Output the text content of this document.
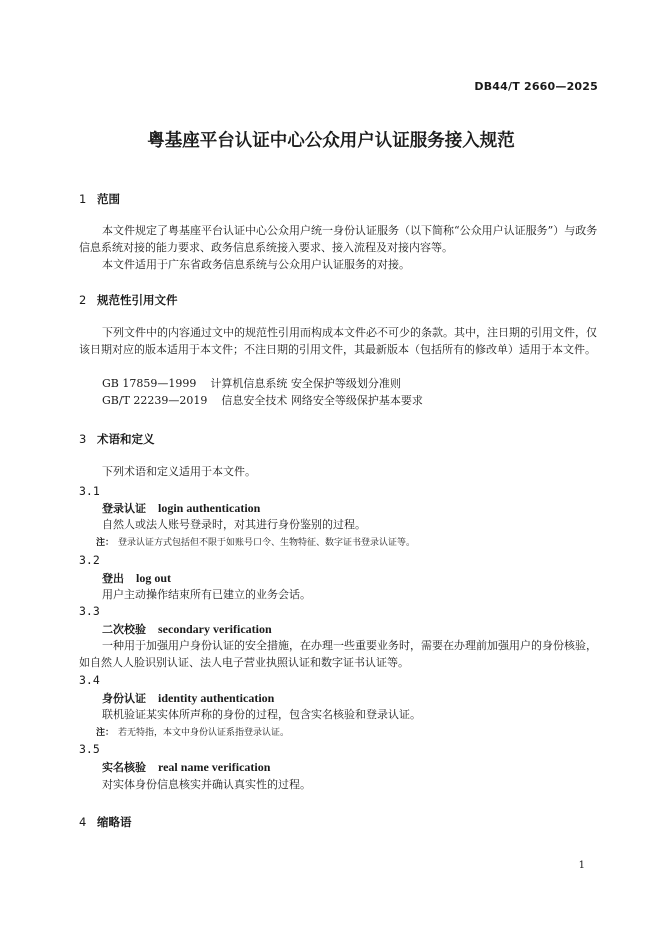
DB44/T 2660—2025
粤基座平台认证中心公众用户认证服务接入规范
1 范围
本文件规定了粤基座平台认证中心公众用户统一身份认证服务（以下简称“公众用户认证服务”）与政务信息系统对接的能力要求、政务信息系统接入要求、接入流程及对接内容等。
本文件适用于广东省政务信息系统与公众用户认证服务的对接。
2 规范性引用文件
下列文件中的内容通过文中的规范性引用而构成本文件必不可少的条款。其中，注日期的引用文件，仅该日期对应的版本适用于本文件；不注日期的引用文件，其最新版本（包括所有的修改单）适用于本文件。
GB 17859—1999 计算机信息系统 安全保护等级划分准则
GB/T 22239—2019 信息安全技术 网络安全等级保护基本要求
3 术语和定义
下列术语和定义适用于本文件。
3.1
登录认证 login authentication
自然人或法人账号登录时，对其进行身份鉴别的过程。
注： 登录认证方式包括但不限于如账号口令、生物特征、数字证书登录认证等。
3.2
登出 log out
用户主动操作结束所有已建立的业务会话。
3.3
二次校验 secondary verification
一种用于加强用户身份认证的安全措施，在办理一些重要业务时，需要在办理前加强用户的身份核验，如自然人人脸识别认证、法人电子营业执照认证和数字证书认证等。
3.4
身份认证 identity authentication
联机验证某实体所声称的身份的过程，包含实名核验和登录认证。
注： 若无特指，本文中身份认证系指登录认证。
3.5
实名核验 real name verification
对实体身份信息核实并确认真实性的过程。
4 缩略语
1
